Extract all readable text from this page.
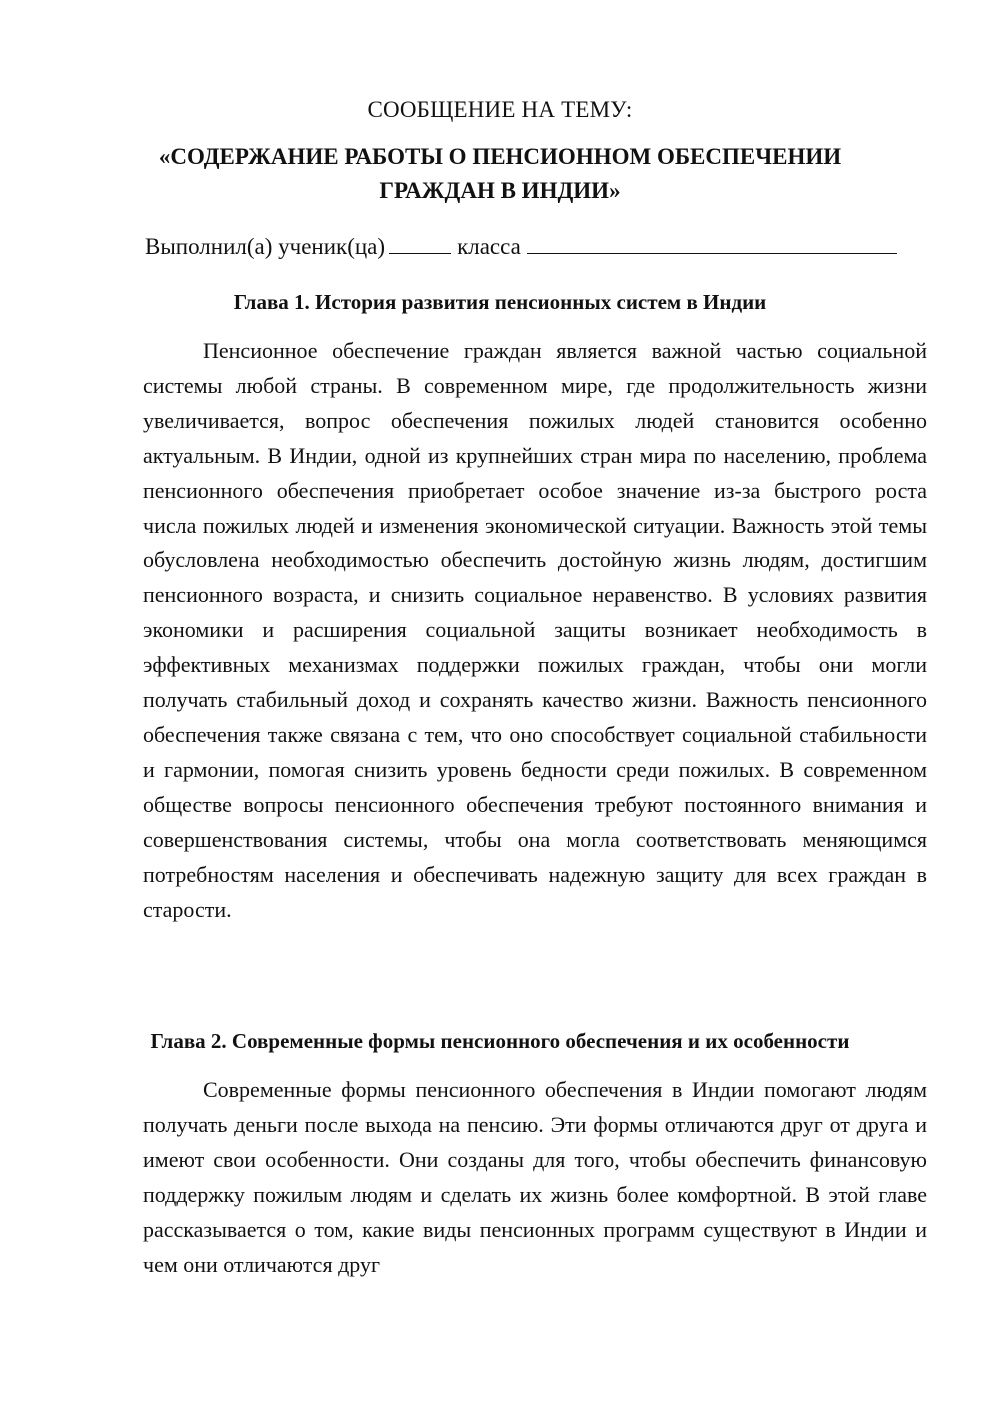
СООБЩЕНИЕ НА ТЕМУ:
«СОДЕРЖАНИЕ РАБОТЫ О ПЕНСИОННОМ ОБЕСПЕЧЕНИИ
ГРАЖДАН В ИНДИИ»
Выполнил(а) ученик(ца)	класса
Глава 1. История развития пенсионных систем в Индии

Пенсионное обеспечение граждан является важной частью социальной системы любой страны. В современном мире, где продолжительность жизни увеличивается, вопрос обеспечения пожилых людей становится особенно актуальным. В Индии, одной из крупнейших стран мира по населению, проблема пенсионного обеспечения приобретает особое значение из-за быстрого роста числа пожилых людей и изменения экономической ситуации. Важность этой темы обусловлена необходимостью обеспечить достойную жизнь людям, достигшим пенсионного возраста, и снизить социальное неравенство. В условиях развития экономики и расширения социальной защиты возникает необходимость в эффективных механизмах поддержки пожилых граждан, чтобы они могли получать стабильный доход и сохранять качество жизни. Важность пенсионного обеспечения также связана с тем, что оно способствует социальной стабильности и гармонии, помогая снизить уровень бедности среди пожилых. В современном обществе вопросы пенсионного обеспечения требуют постоянного внимания и совершенствования системы, чтобы она могла соответствовать меняющимся потребностям населения и обеспечивать надежную защиту для всех граждан в старости.

Глава 2. Современные формы пенсионного обеспечения и их особенности

Современные формы пенсионного обеспечения в Индии помогают людям получать деньги после выхода на пенсию. Эти формы отличаются друг от друга и имеют свои особенности. Они созданы для того, чтобы обеспечить финансовую поддержку пожилым людям и сделать их жизнь более комфортной. В этой главе рассказывается о том, какие виды пенсионных программ существуют в Индии и чем они отличаются друг
